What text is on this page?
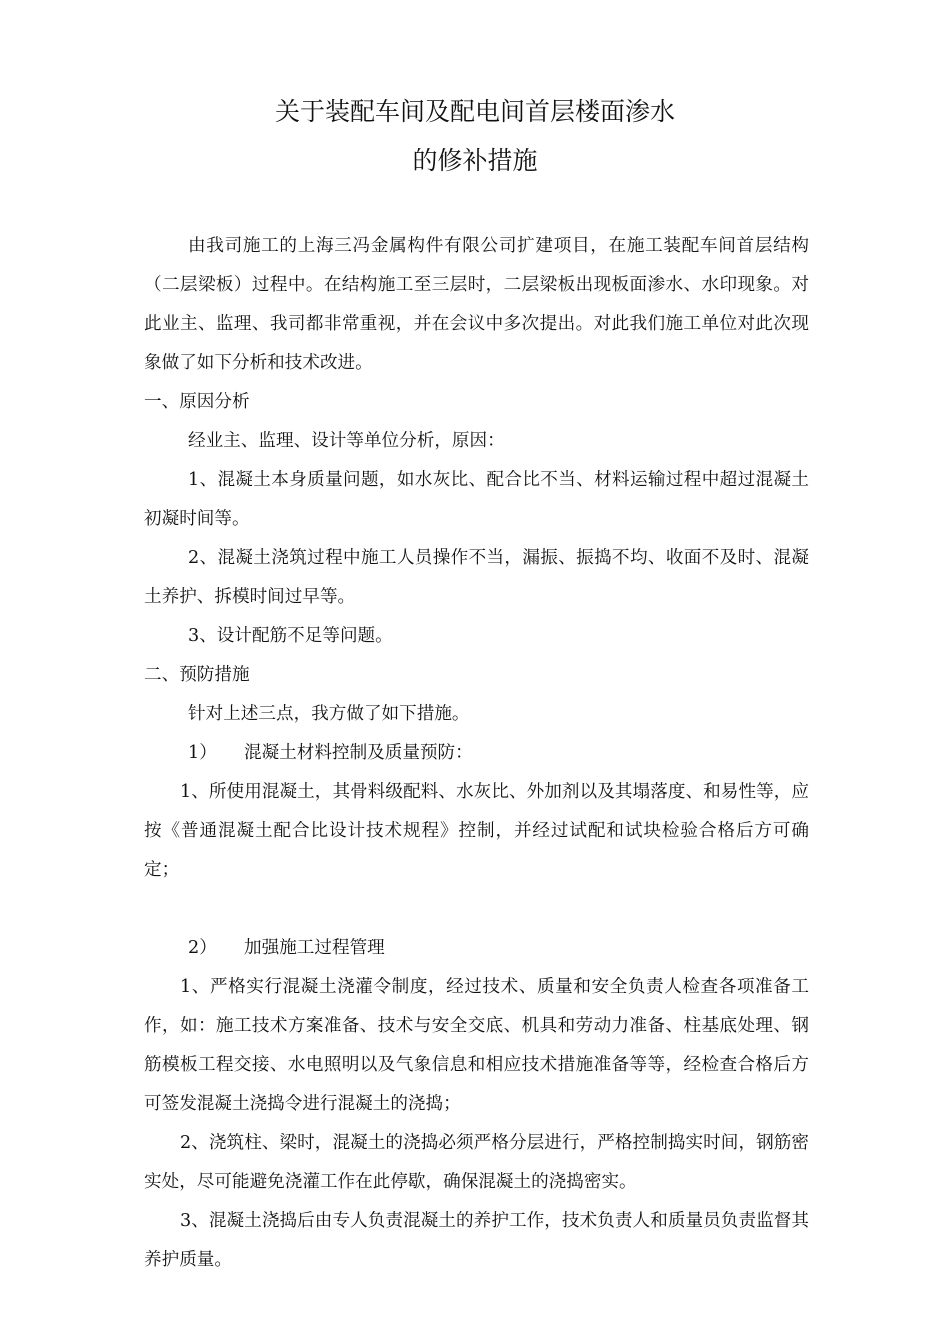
关于装配车间及配电间首层楼面渗水
的修补措施

由我司施工的上海三冯金属构件有限公司扩建项目，在施工装配车间首层结构（二层梁板）过程中。在结构施工至三层时，二层梁板出现板面渗水、水印现象。对此业主、监理、我司都非常重视，并在会议中多次提出。对此我们施工单位对此次现象做了如下分析和技术改进。

一、原因分析

经业主、监理、设计等单位分析，原因：

1、混凝土本身质量问题，如水灰比、配合比不当、材料运输过程中超过混凝土初凝时间等。

2、混凝土浇筑过程中施工人员操作不当，漏振、振捣不均、收面不及时、混凝土养护、拆模时间过早等。

3、设计配筋不足等问题。

二、预防措施

针对上述三点，我方做了如下措施。

1） 混凝土材料控制及质量预防：

1、所使用混凝土，其骨料级配料、水灰比、外加剂以及其塌落度、和易性等，应按《普通混凝土配合比设计技术规程》控制，并经过试配和试块检验合格后方可确定；

2） 加强施工过程管理

1、严格实行混凝土浇灌令制度，经过技术、质量和安全负责人检查各项准备工作，如：施工技术方案准备、技术与安全交底、机具和劳动力准备、柱基底处理、钢筋模板工程交接、水电照明以及气象信息和相应技术措施准备等等，经检查合格后方可签发混凝土浇捣令进行混凝土的浇捣；

2、浇筑柱、梁时，混凝土的浇捣必须严格分层进行，严格控制捣实时间，钢筋密实处，尽可能避免浇灌工作在此停歇，确保混凝土的浇捣密实。

3、混凝土浇捣后由专人负责混凝土的养护工作，技术负责人和质量员负责监督其养护质量。
